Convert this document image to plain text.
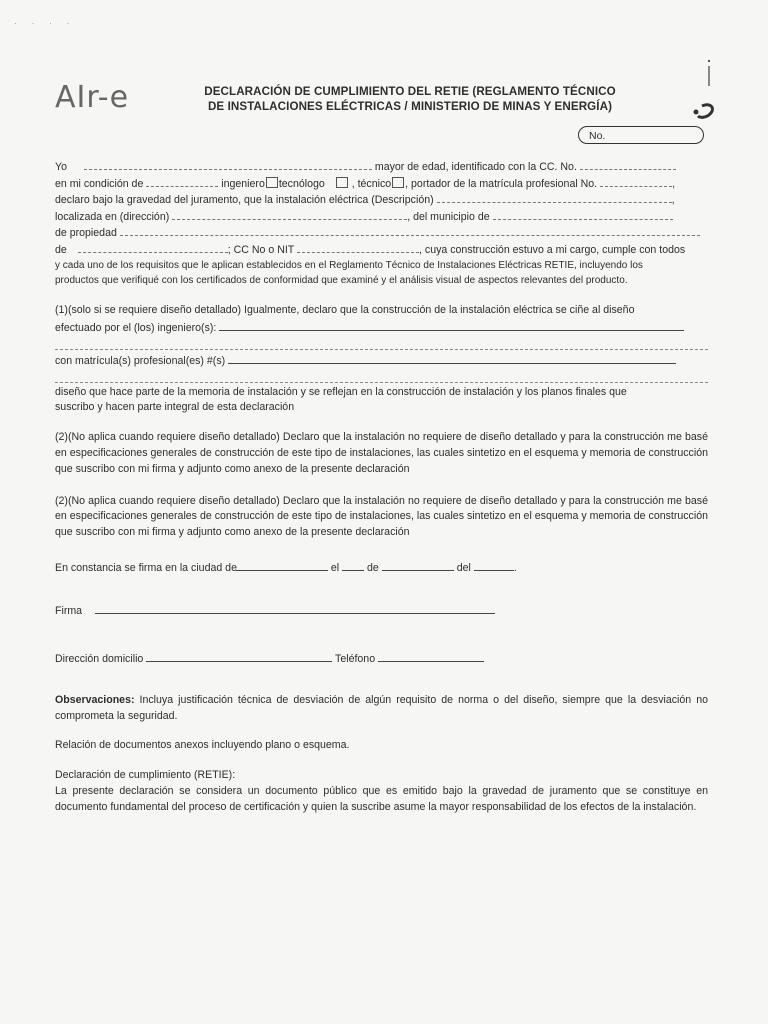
· · · ·
AIr-e	DECLARACIÓN DE CUMPLIMIENTO DEL RETIE (REGLAMENTO TÉCNICO
DE INSTALACIONES ELÉCTRICAS / MINISTERIO DE MINAS Y ENERGÍA)
No.
Yo	mayor de edad, identificado con la CC. No.
en mi condición de	ingeniero tecnólogo	, técnico , portador de la matrícula profesional No.	,
declaro bajo la gravedad del juramento, que la instalación eléctrica (Descripción)	,
localizada en (dirección)	, del municipio de
de propiedad
de	; CC No o NIT	, cuya construcción estuvo a mi cargo, cumple con todos
y cada uno de los requisitos que le aplican establecidos en el Reglamento Técnico de Instalaciones Eléctricas RETIE, incluyendo los
productos que verifiqué con los certificados de conformidad que examiné y el análisis visual de aspectos relevantes del producto.
(1)(solo si se requiere diseño detallado) Igualmente, declaro que la construcción de la instalación eléctrica se ciñe al diseño
efectuado por el (los) ingeniero(s):
con matrícula(s) profesional(es) #(s)
diseño que hace parte de la memoria de instalación y se reflejan en la construcción de instalación y los planos finales que
suscribo y hacen parte integral de esta declaración
(2)(No aplica cuando requiere diseño detallado) Declaro que la instalación no requiere de diseño detallado y para la construcción me basé en especificaciones generales de construcción de este tipo de instalaciones, las cuales sintetizo en el esquema y memoria de construcción que suscribo con mi firma y adjunto como anexo de la presente declaración
(2)(No aplica cuando requiere diseño detallado) Declaro que la instalación no requiere de diseño detallado y para la construcción me basé en especificaciones generales de construcción de este tipo de instalaciones, las cuales sintetizo en el esquema y memoria de construcción que suscribo con mi firma y adjunto como anexo de la presente declaración
En constancia se firma en la ciudad de	el	de	del	.
Firma
Dirección domicilio	Teléfono
Observaciones: Incluya justificación técnica de desviación de algún requisito de norma o del diseño, siempre que la desviación no comprometa la seguridad.
Relación de documentos anexos incluyendo plano o esquema.
Declaración de cumplimiento (RETIE):
La presente declaración se considera un documento público que es emitido bajo la gravedad de juramento que se constituye en documento fundamental del proceso de certificación y quien la suscribe asume la mayor responsabilidad de los efectos de la instalación.
